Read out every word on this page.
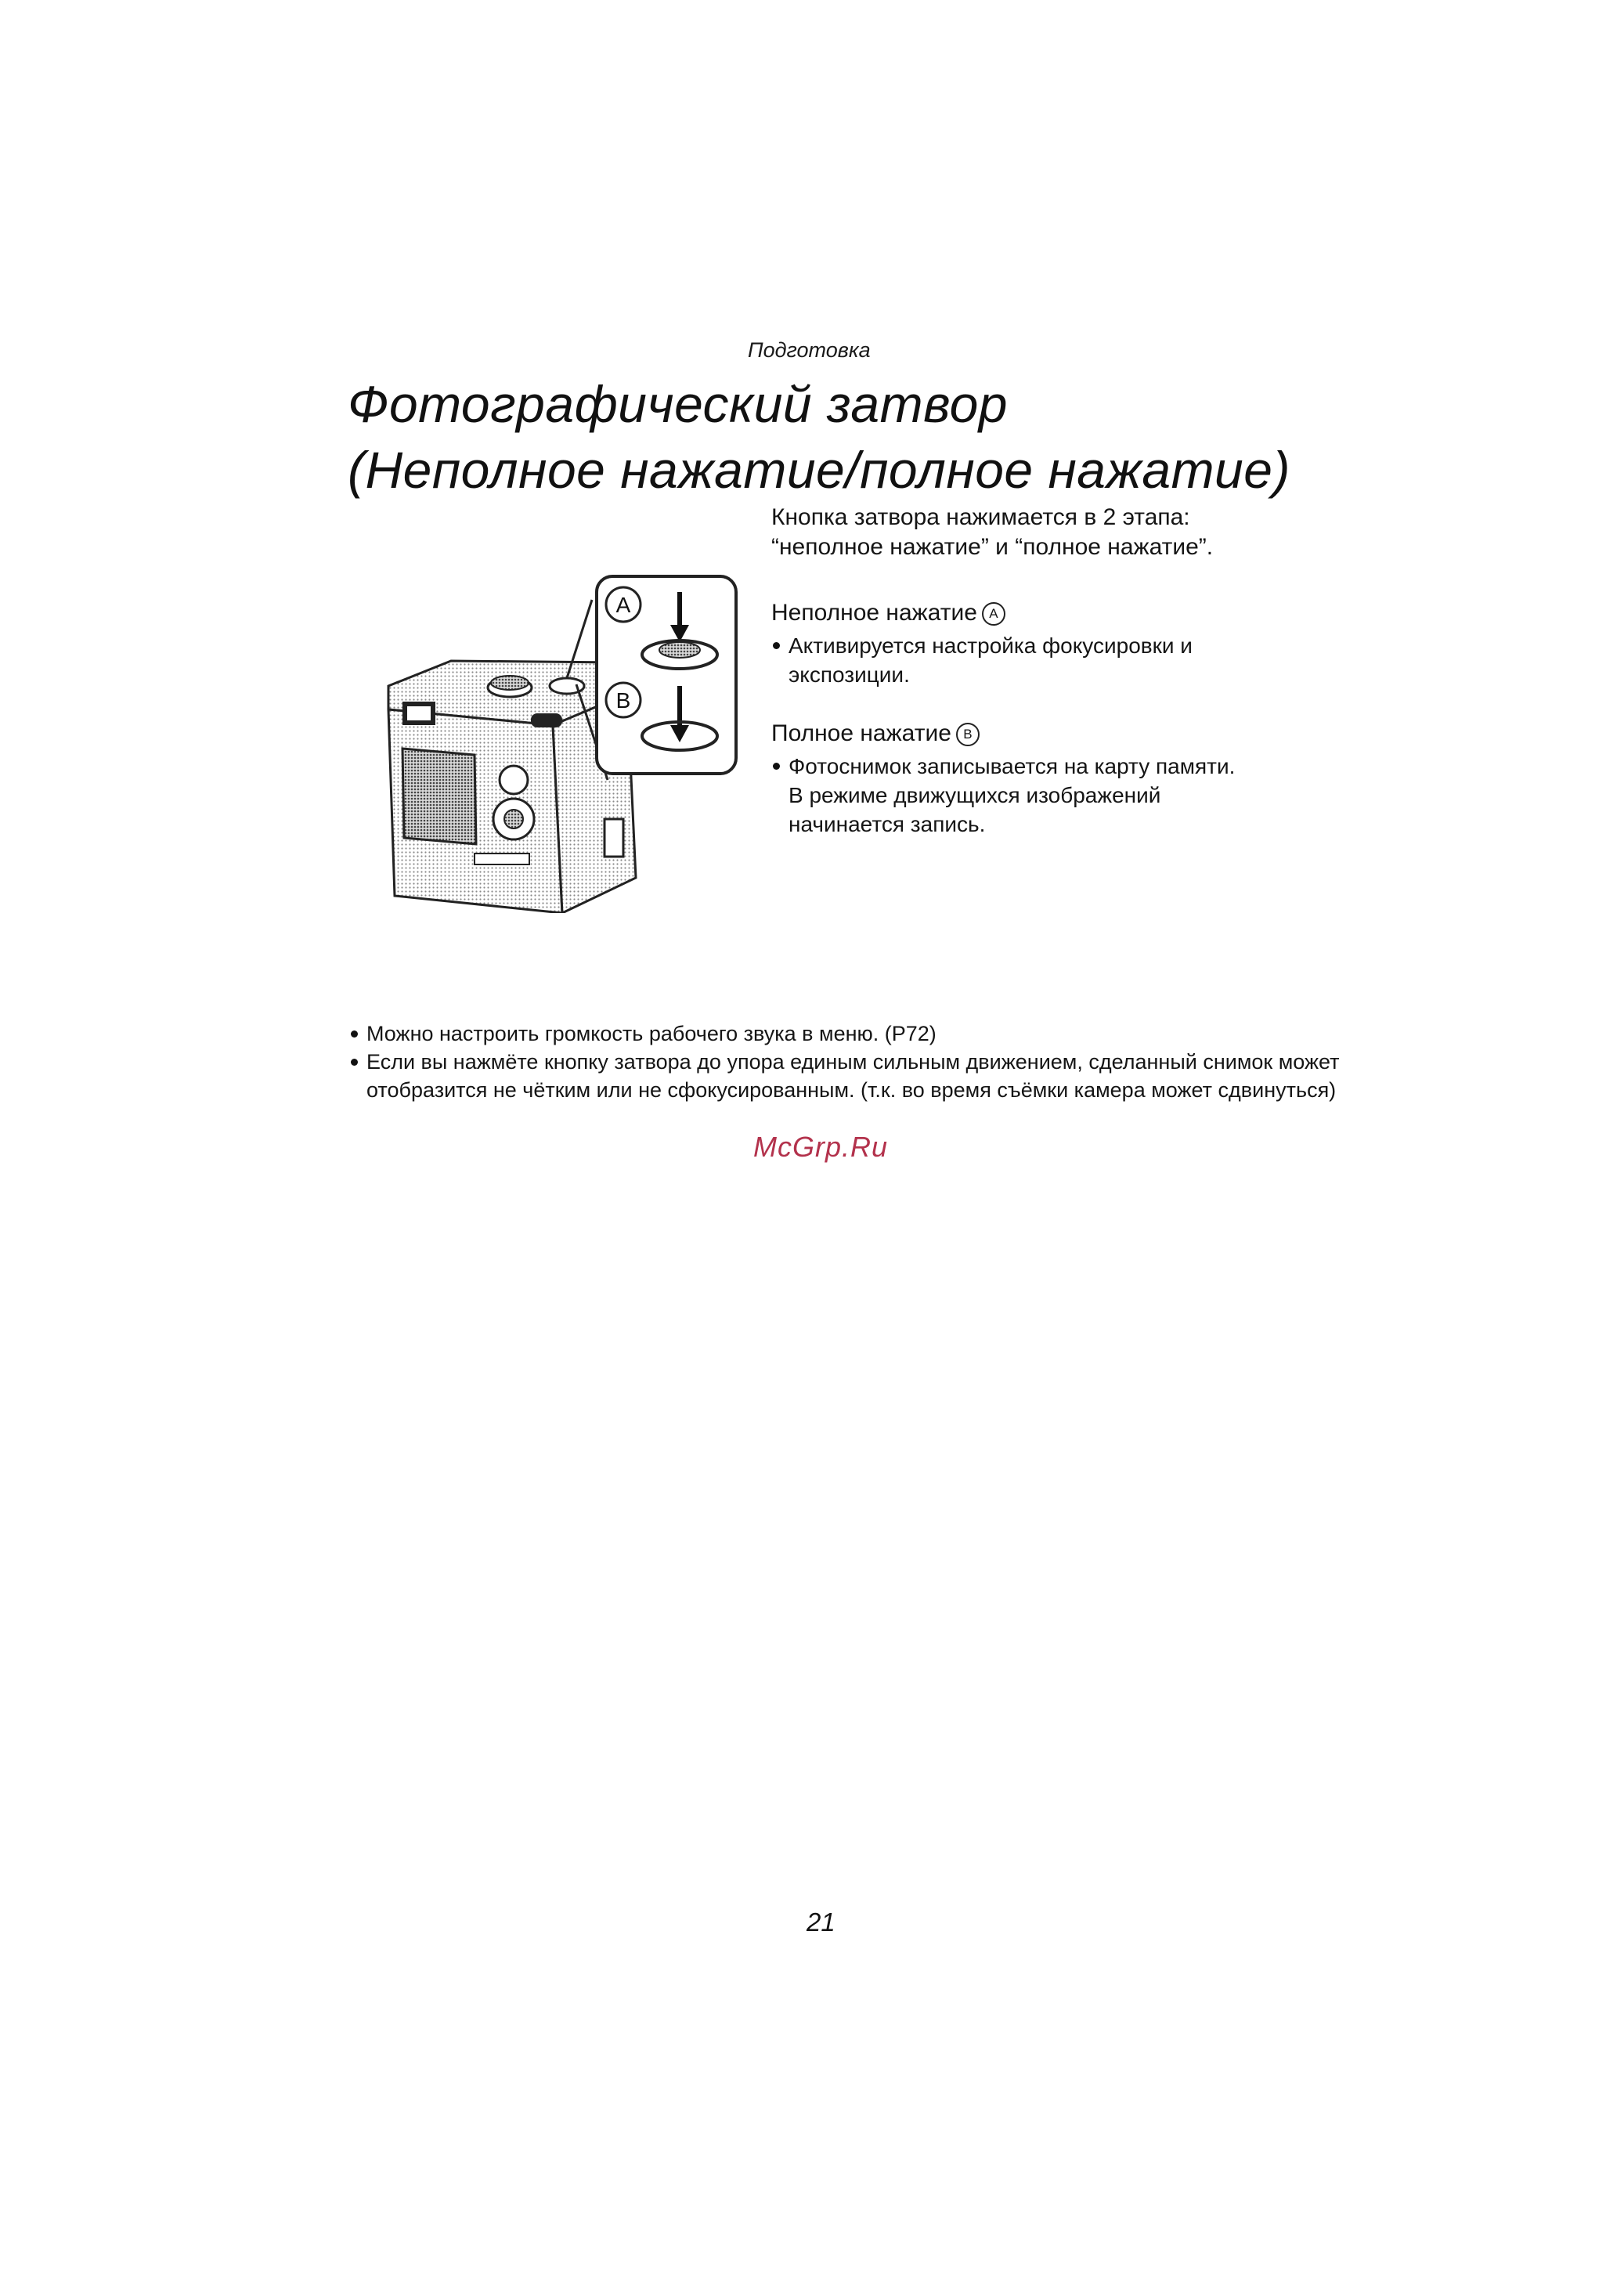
Подготовка
Фотографический затвор
(Неполное нажатие/полное нажатие)
Кнопка затвора нажимается в 2 этапа:
“неполное нажатие” и “полное нажатие”.
A
B
Неполное нажатие A
Активируется настройка фокусировки и
экспозиции.
Полное нажатие B
Фотоснимок записывается на карту памяти.
В режиме движущихся изображений
начинается запись.
Можно настроить громкость рабочего звука в меню. (P72)
Если вы нажмёте кнопку затвора до упора единым сильным движением, сделанный снимок может отобразится не чётким или не сфокусированным. (т.к. во время съёмки камера может сдвинуться)
McGrp.Ru
21
